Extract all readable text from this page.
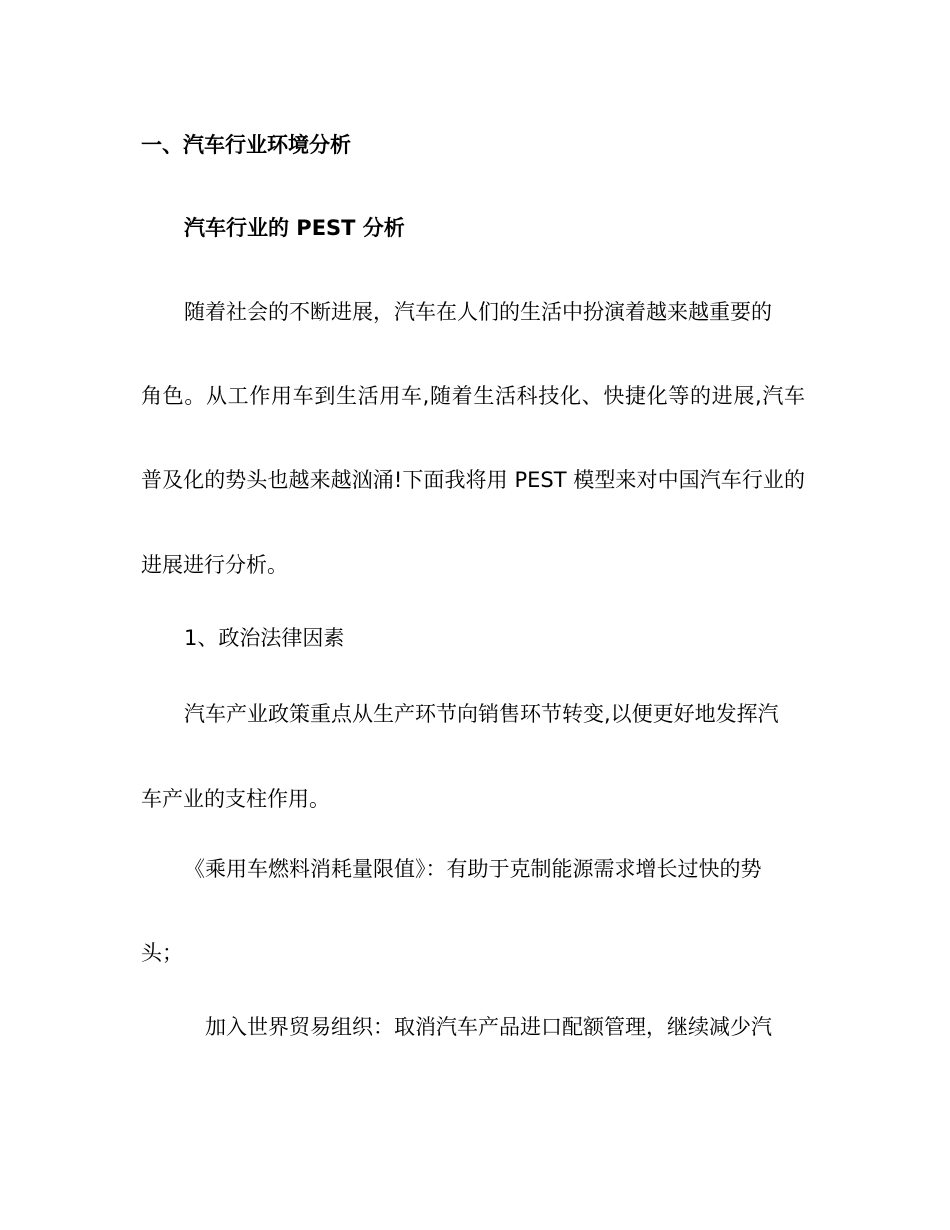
一、汽车行业环境分析
汽车行业的 PEST 分析
随着社会的不断进展，汽车在人们的生活中扮演着越来越重要的
角色。从工作用车到生活用车,随着生活科技化、快捷化等的进展,汽车
普及化的势头也越来越汹涌!下面我将用 PEST 模型来对中国汽车行业的
进展进行分析。
1、政治法律因素
汽车产业政策重点从生产环节向销售环节转变,以便更好地发挥汽
车产业的支柱作用。
《乘用车燃料消耗量限值》：有助于克制能源需求增长过快的势
头；
加入世界贸易组织：取消汽车产品进口配额管理，继续减少汽
